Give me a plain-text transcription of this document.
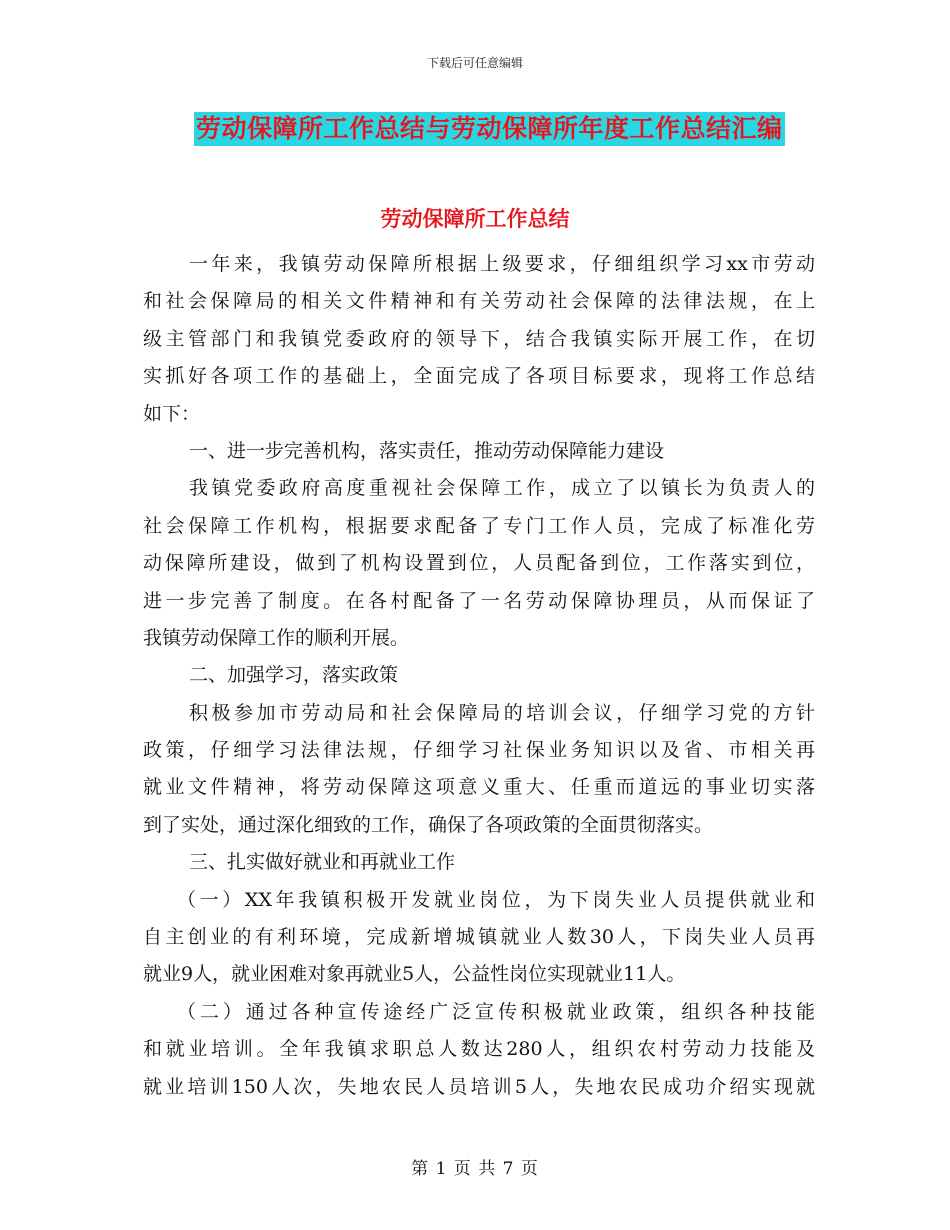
下载后可任意编辑
劳动保障所工作总结与劳动保障所年度工作总结汇编
劳动保障所工作总结
一年来，我镇劳动保障所根据上级要求，仔细组织学习xx市劳动
和社会保障局的相关文件精神和有关劳动社会保障的法律法规，在上
级主管部门和我镇党委政府的领导下，结合我镇实际开展工作，在切
实抓好各项工作的基础上，全面完成了各项目标要求，现将工作总结
如下：
一、进一步完善机构，落实责任，推动劳动保障能力建设
我镇党委政府高度重视社会保障工作，成立了以镇长为负责人的
社会保障工作机构，根据要求配备了专门工作人员，完成了标准化劳
动保障所建设，做到了机构设置到位，人员配备到位，工作落实到位，
进一步完善了制度。在各村配备了一名劳动保障协理员，从而保证了
我镇劳动保障工作的顺利开展。
二、加强学习，落实政策
积极参加市劳动局和社会保障局的培训会议，仔细学习党的方针
政策，仔细学习法律法规，仔细学习社保业务知识以及省、市相关再
就业文件精神，将劳动保障这项意义重大、任重而道远的事业切实落
到了实处，通过深化细致的工作，确保了各项政策的全面贯彻落实。
三、扎实做好就业和再就业工作
（一）XX年我镇积极开发就业岗位，为下岗失业人员提供就业和
自主创业的有利环境，完成新增城镇就业人数30人，下岗失业人员再
就业9人，就业困难对象再就业5人，公益性岗位实现就业11人。
（二）通过各种宣传途经广泛宣传积极就业政策，组织各种技能
和就业培训。全年我镇求职总人数达280人，组织农村劳动力技能及
就业培训150人次，失地农民人员培训5人，失地农民成功介绍实现就
第 1 页 共 7 页
